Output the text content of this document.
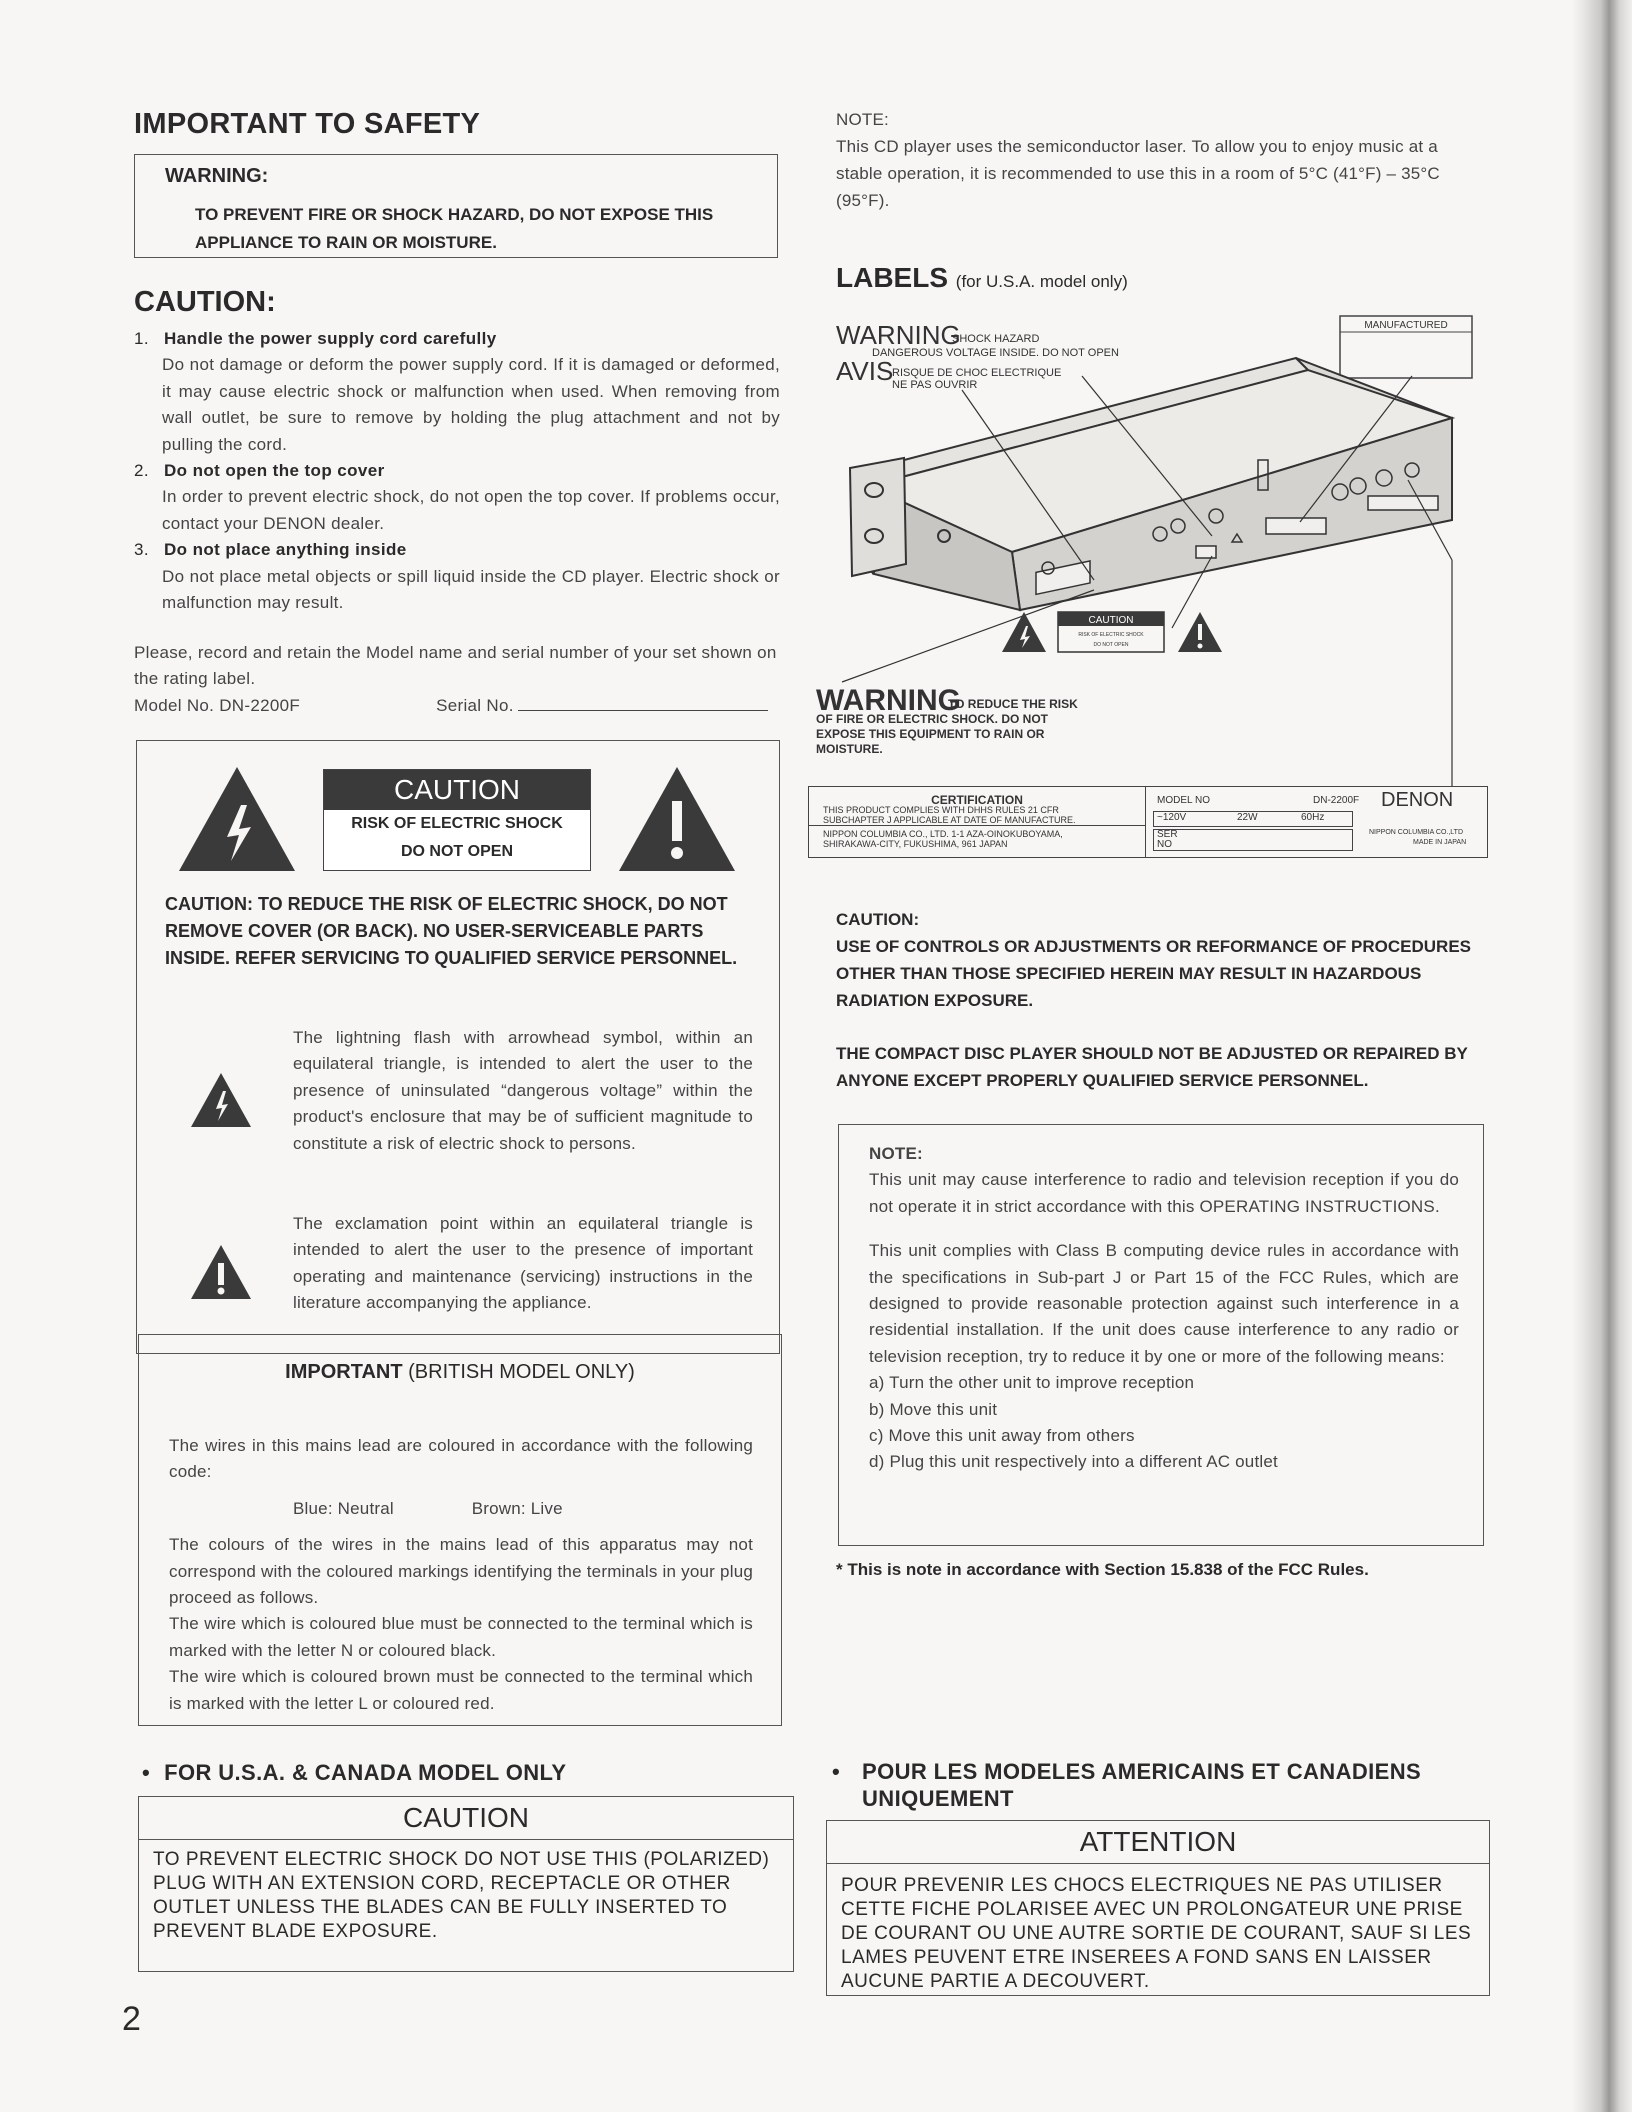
IMPORTANT TO SAFETY
WARNING:
TO PREVENT FIRE OR SHOCK HAZARD, DO NOT EXPOSE THIS APPLIANCE TO RAIN OR MOISTURE.
CAUTION:
1. Handle the power supply cord carefully
Do not damage or deform the power supply cord. If it is damaged or deformed, it may cause electric shock or malfunction when used. When removing from wall outlet, be sure to remove by holding the plug attachment and not by pulling the cord.
2. Do not open the top cover
In order to prevent electric shock, do not open the top cover. If problems occur, contact your DENON dealer.
3. Do not place anything inside
Do not place metal objects or spill liquid inside the CD player. Electric shock or malfunction may result.
Please, record and retain the Model name and serial number of your set shown on the rating label.
Model No. DN-2200F	Serial No.
CAUTION
RISK OF ELECTRIC SHOCK
DO NOT OPEN
CAUTION: TO REDUCE THE RISK OF ELECTRIC SHOCK, DO NOT REMOVE COVER (OR BACK). NO USER-SERVICEABLE PARTS INSIDE. REFER SERVICING TO QUALIFIED SERVICE PERSONNEL.
The lightning flash with arrowhead symbol, within an equilateral triangle, is intended to alert the user to the presence of uninsulated “dangerous voltage” within the product's enclosure that may be of sufficient magnitude to constitute a risk of electric shock to persons.
The exclamation point within an equilateral triangle is intended to alert the user to the presence of important operating and maintenance (servicing) instructions in the literature accompanying the appliance.
IMPORTANT (BRITISH MODEL ONLY)
The wires in this mains lead are coloured in accordance with the following code:
Blue: Neutral	Brown: Live
The colours of the wires in the mains lead of this apparatus may not correspond with the coloured markings identifying the terminals in your plug proceed as follows.
The wire which is coloured blue must be connected to the terminal which is marked with the letter N or coloured black.
The wire which is coloured brown must be connected to the terminal which is marked with the letter L or coloured red.
• FOR U.S.A. & CANADA MODEL ONLY
CAUTION
TO PREVENT ELECTRIC SHOCK DO NOT USE THIS (POLARIZED) PLUG WITH AN EXTENSION CORD, RECEPTACLE OR OTHER OUTLET UNLESS THE BLADES CAN BE FULLY INSERTED TO PREVENT BLADE EXPOSURE.
2
NOTE:
This CD player uses the semiconductor laser. To allow you to enjoy music at a stable operation, it is recommended to use this in a room of 5°C (41°F) – 35°C (95°F).
LABELS (for U.S.A. model only)
WARNING
SHOCK HAZARD
DANGEROUS VOLTAGE INSIDE. DO NOT OPEN
AVIS
RISQUE DE CHOC ELECTRIQUE
NE PAS OUVRIR
MANUFACTURED
CAUTION
RISK OF ELECTRIC SHOCK
DO NOT OPEN
WARNING
TO REDUCE THE RISK
OF FIRE OR ELECTRIC SHOCK. DO NOT EXPOSE THIS EQUIPMENT TO RAIN OR MOISTURE.
CERTIFICATION
THIS PRODUCT COMPLIES WITH DHHS RULES 21 CFR
SUBCHAPTER J APPLICABLE AT DATE OF MANUFACTURE.
NIPPON COLUMBIA CO., LTD. 1-1 AZA-OINOKUBOYAMA,
SHIRAKAWA-CITY, FUKUSHIMA, 961 JAPAN
MODEL NO	DN-2200F DENON
~120V	22W	60Hz
SER
NO
NIPPON COLUMBIA CO.,LTD
MADE IN JAPAN
CAUTION:
USE OF CONTROLS OR ADJUSTMENTS OR REFORMANCE OF PROCEDURES OTHER THAN THOSE SPECIFIED HEREIN MAY RESULT IN HAZARDOUS RADIATION EXPOSURE.
THE COMPACT DISC PLAYER SHOULD NOT BE ADJUSTED OR REPAIRED BY ANYONE EXCEPT PROPERLY QUALIFIED SERVICE PERSONNEL.
NOTE:
This unit may cause interference to radio and television reception if you do not operate it in strict accordance with this OPERATING INSTRUCTIONS.
This unit complies with Class B computing device rules in accordance with the specifications in Sub-part J or Part 15 of the FCC Rules, which are designed to provide reasonable protection against such interference in a residential installation. If the unit does cause interference to any radio or television reception, try to reduce it by one or more of the following means:
a) Turn the other unit to improve reception
b) Move this unit
c) Move this unit away from others
d) Plug this unit respectively into a different AC outlet
* This is note in accordance with Section 15.838 of the FCC Rules.
• POUR LES MODELES AMERICAINS ET CANADIENS UNIQUEMENT
ATTENTION
POUR PREVENIR LES CHOCS ELECTRIQUES NE PAS UTILISER CETTE FICHE POLARISEE AVEC UN PROLONGATEUR UNE PRISE DE COURANT OU UNE AUTRE SORTIE DE COURANT, SAUF SI LES LAMES PEUVENT ETRE INSEREES A FOND SANS EN LAISSER AUCUNE PARTIE A DECOUVERT.
